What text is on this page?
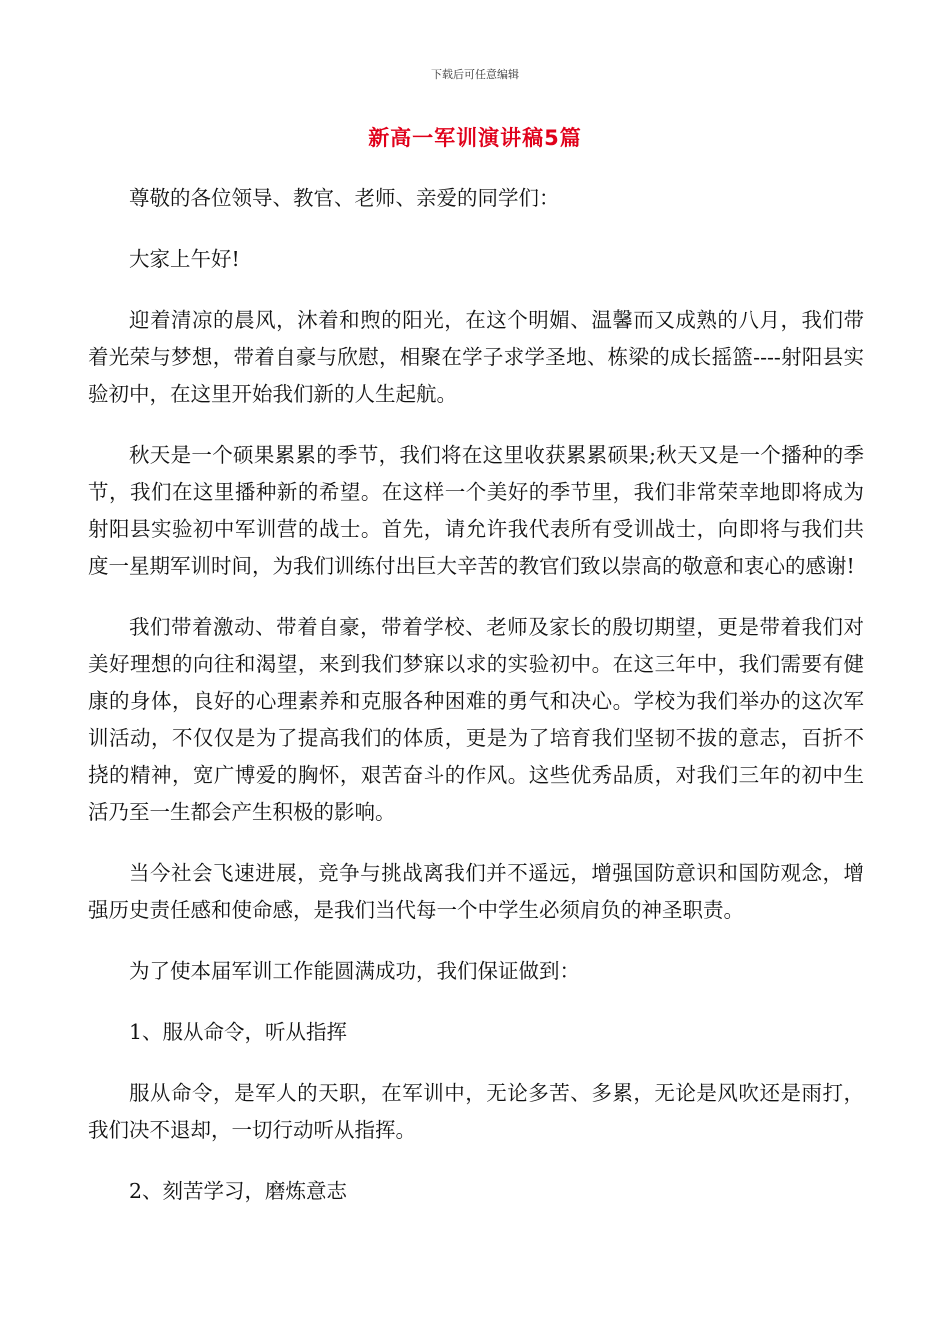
下载后可任意编辑
新高一军训演讲稿5篇

尊敬的各位领导、教官、老师、亲爱的同学们：

大家上午好!

迎着清凉的晨风，沐着和煦的阳光，在这个明媚、温馨而又成熟的八月，我们带着光荣与梦想，带着自豪与欣慰，相聚在学子求学圣地、栋梁的成长摇篮----射阳县实验初中，在这里开始我们新的人生起航。

秋天是一个硕果累累的季节，我们将在这里收获累累硕果;秋天又是一个播种的季节，我们在这里播种新的希望。在这样一个美好的季节里，我们非常荣幸地即将成为射阳县实验初中军训营的战士。首先，请允许我代表所有受训战士，向即将与我们共度一星期军训时间，为我们训练付出巨大辛苦的教官们致以崇高的敬意和衷心的感谢!

我们带着激动、带着自豪，带着学校、老师及家长的殷切期望，更是带着我们对美好理想的向往和渴望，来到我们梦寐以求的实验初中。在这三年中，我们需要有健康的身体，良好的心理素养和克服各种困难的勇气和决心。学校为我们举办的这次军训活动，不仅仅是为了提高我们的体质，更是为了培育我们坚韧不拔的意志，百折不挠的精神，宽广博爱的胸怀，艰苦奋斗的作风。这些优秀品质，对我们三年的初中生活乃至一生都会产生积极的影响。

当今社会飞速进展，竞争与挑战离我们并不遥远，增强国防意识和国防观念，增强历史责任感和使命感，是我们当代每一个中学生必须肩负的神圣职责。

为了使本届军训工作能圆满成功，我们保证做到：

1、服从命令，听从指挥

服从命令，是军人的天职，在军训中，无论多苦、多累，无论是风吹还是雨打，我们决不退却，一切行动听从指挥。

2、刻苦学习，磨炼意志
